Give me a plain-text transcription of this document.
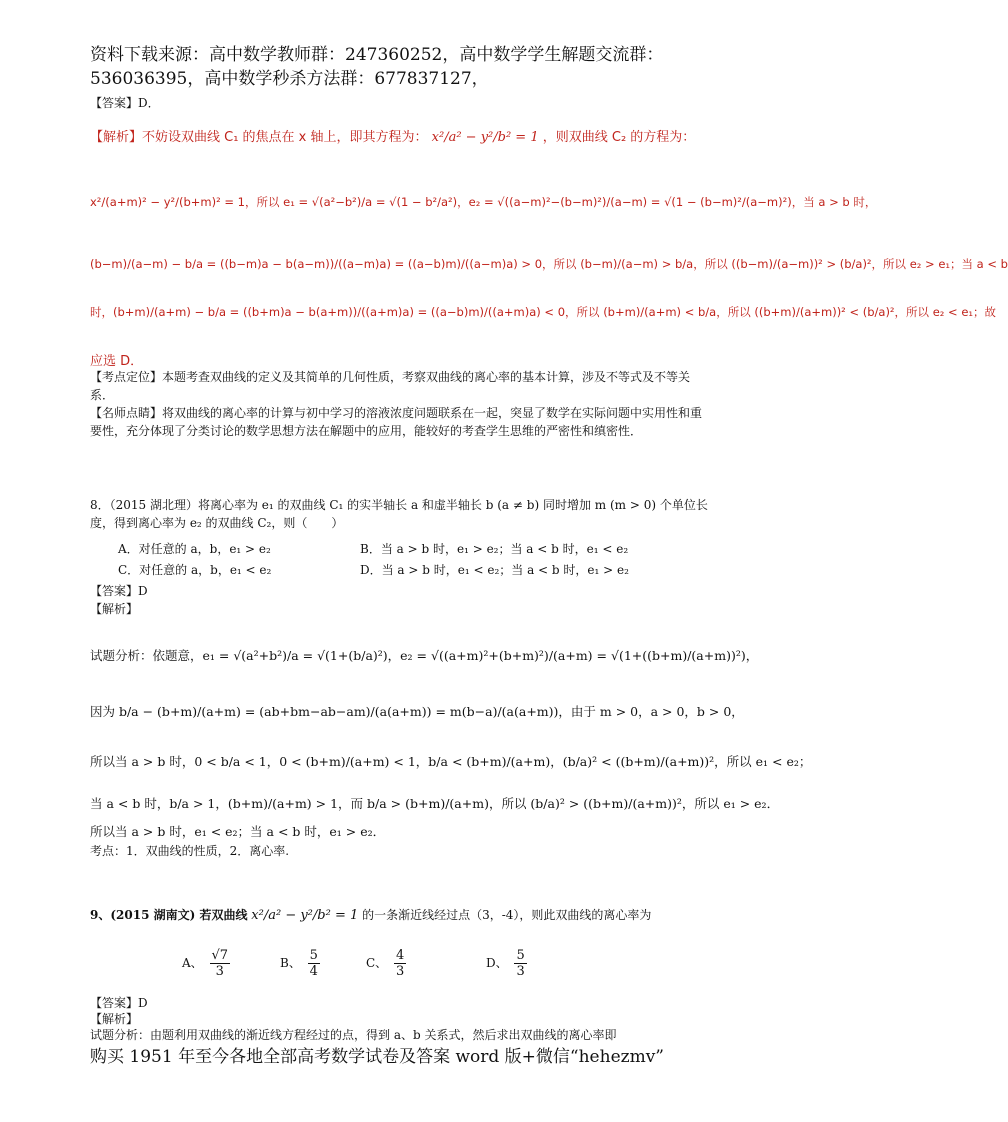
资料下载来源：高中数学教师群：247360252，高中数学学生解题交流群：
536036395，高中数学秒杀方法群：677837127，
【答案】D．
【解析】不妨设双曲线 C₁ 的焦点在 x 轴上，即其方程为： x²/a² − y²/b² = 1 ，则双曲线 C₂ 的方程为：
x²/(a+m)² − y²/(b+m)² = 1，所以 e₁ = √(a²−b²)/a = √(1 − b²/a²)，e₂ = √((a−m)²−(b−m)²)/(a−m) = √(1 − (b−m)²/(a−m)²)，当 a > b 时，
(b−m)/(a−m) − b/a = ((b−m)a − b(a−m))/((a−m)a) = ((a−b)m)/((a−m)a) > 0，所以 (b−m)/(a−m) > b/a，所以 ((b−m)/(a−m))² > (b/a)²，所以 e₂ > e₁；当 a < b
时，(b+m)/(a+m) − b/a = ((b+m)a − b(a+m))/((a+m)a) = ((a−b)m)/((a+m)a) < 0，所以 (b+m)/(a+m) < b/a，所以 ((b+m)/(a+m))² < (b/a)²，所以 e₂ < e₁；故
应选 D．
【考点定位】本题考查双曲线的定义及其简单的几何性质，考察双曲线的离心率的基本计算，涉及不等式及不等关系．
【名师点睛】将双曲线的离心率的计算与初中学习的溶液浓度问题联系在一起，突显了数学在实际问题中实用性和重要性，充分体现了分类讨论的数学思想方法在解题中的应用，能较好的考查学生思维的严密性和缜密性．
8．（2015 湖北理）将离心率为 e₁ 的双曲线 C₁ 的实半轴长 a 和虚半轴长 b (a ≠ b) 同时增加 m (m > 0) 个单位长度，得到离心率为 e₂ 的双曲线 C₂，则（　　）
A．对任意的 a，b，e₁ > e₂	B．当 a > b 时，e₁ > e₂；当 a < b 时，e₁ < e₂
C．对任意的 a，b，e₁ < e₂	D．当 a > b 时，e₁ < e₂；当 a < b 时，e₁ > e₂
【答案】D
【解析】
试题分析：依题意，e₁ = √(a²+b²)/a = √(1+(b/a)²)，e₂ = √((a+m)²+(b+m)²)/(a+m) = √(1+((b+m)/(a+m))²)，
因为 b/a − (b+m)/(a+m) = (ab+bm−ab−am)/(a(a+m)) = m(b−a)/(a(a+m))，由于 m > 0，a > 0，b > 0，
所以当 a > b 时，0 < b/a < 1，0 < (b+m)/(a+m) < 1，b/a < (b+m)/(a+m)，(b/a)² < ((b+m)/(a+m))²，所以 e₁ < e₂；
当 a < b 时，b/a > 1，(b+m)/(a+m) > 1，而 b/a > (b+m)/(a+m)，所以 (b/a)² > ((b+m)/(a+m))²，所以 e₁ > e₂．
所以当 a > b 时，e₁ < e₂；当 a < b 时，e₁ > e₂．
考点：1．双曲线的性质，2．离心率.
9、(2015 湖南文) 若双曲线 x²/a² − y²/b² = 1 的一条渐近线经过点（3，-4），则此双曲线的离心率为
A、 $\frac{√7}{3}$	B、 $\frac{5}{4}$	C、 $\frac{4}{3}$	D、 $\frac{5}{3}$
【答案】D
【解析】
试题分析：由题利用双曲线的渐近线方程经过的点，得到 a、b 关系式，然后求出双曲线的离心率即
购买 1951 年至今各地全部高考数学试卷及答案 word 版+微信“hehezmv”
